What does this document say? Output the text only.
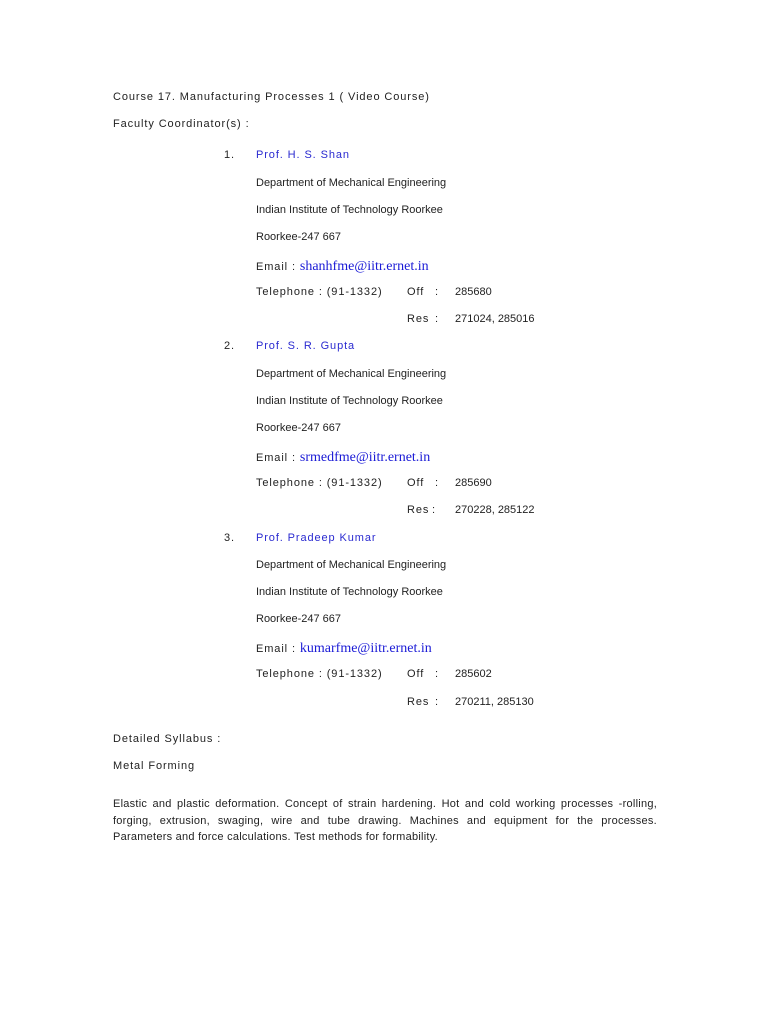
Course 17. Manufacturing Processes 1 ( Video Course)
Faculty Coordinator(s) :
1. Prof. H. S. Shan
Department of Mechanical Engineering
Indian Institute of Technology Roorkee
Roorkee-247 667
Email : shanhfme@iitr.ernet.in
Telephone : (91-1332) Off : 285680
Res : 271024, 285016
2. Prof. S. R. Gupta
Department of Mechanical Engineering
Indian Institute of Technology Roorkee
Roorkee-247 667
Email : srmedfme@iitr.ernet.in
Telephone : (91-1332) Off : 285690
Res : 270228, 285122
3. Prof. Pradeep Kumar
Department of Mechanical Engineering
Indian Institute of Technology Roorkee
Roorkee-247 667
Email : kumarfme@iitr.ernet.in
Telephone : (91-1332) Off : 285602
Res : 270211, 285130
Detailed Syllabus :
Metal Forming
Elastic and plastic deformation. Concept of strain hardening. Hot and cold working processes -rolling, forging, extrusion, swaging, wire and tube drawing. Machines and equipment for the processes. Parameters and force calculations. Test methods for formability.
